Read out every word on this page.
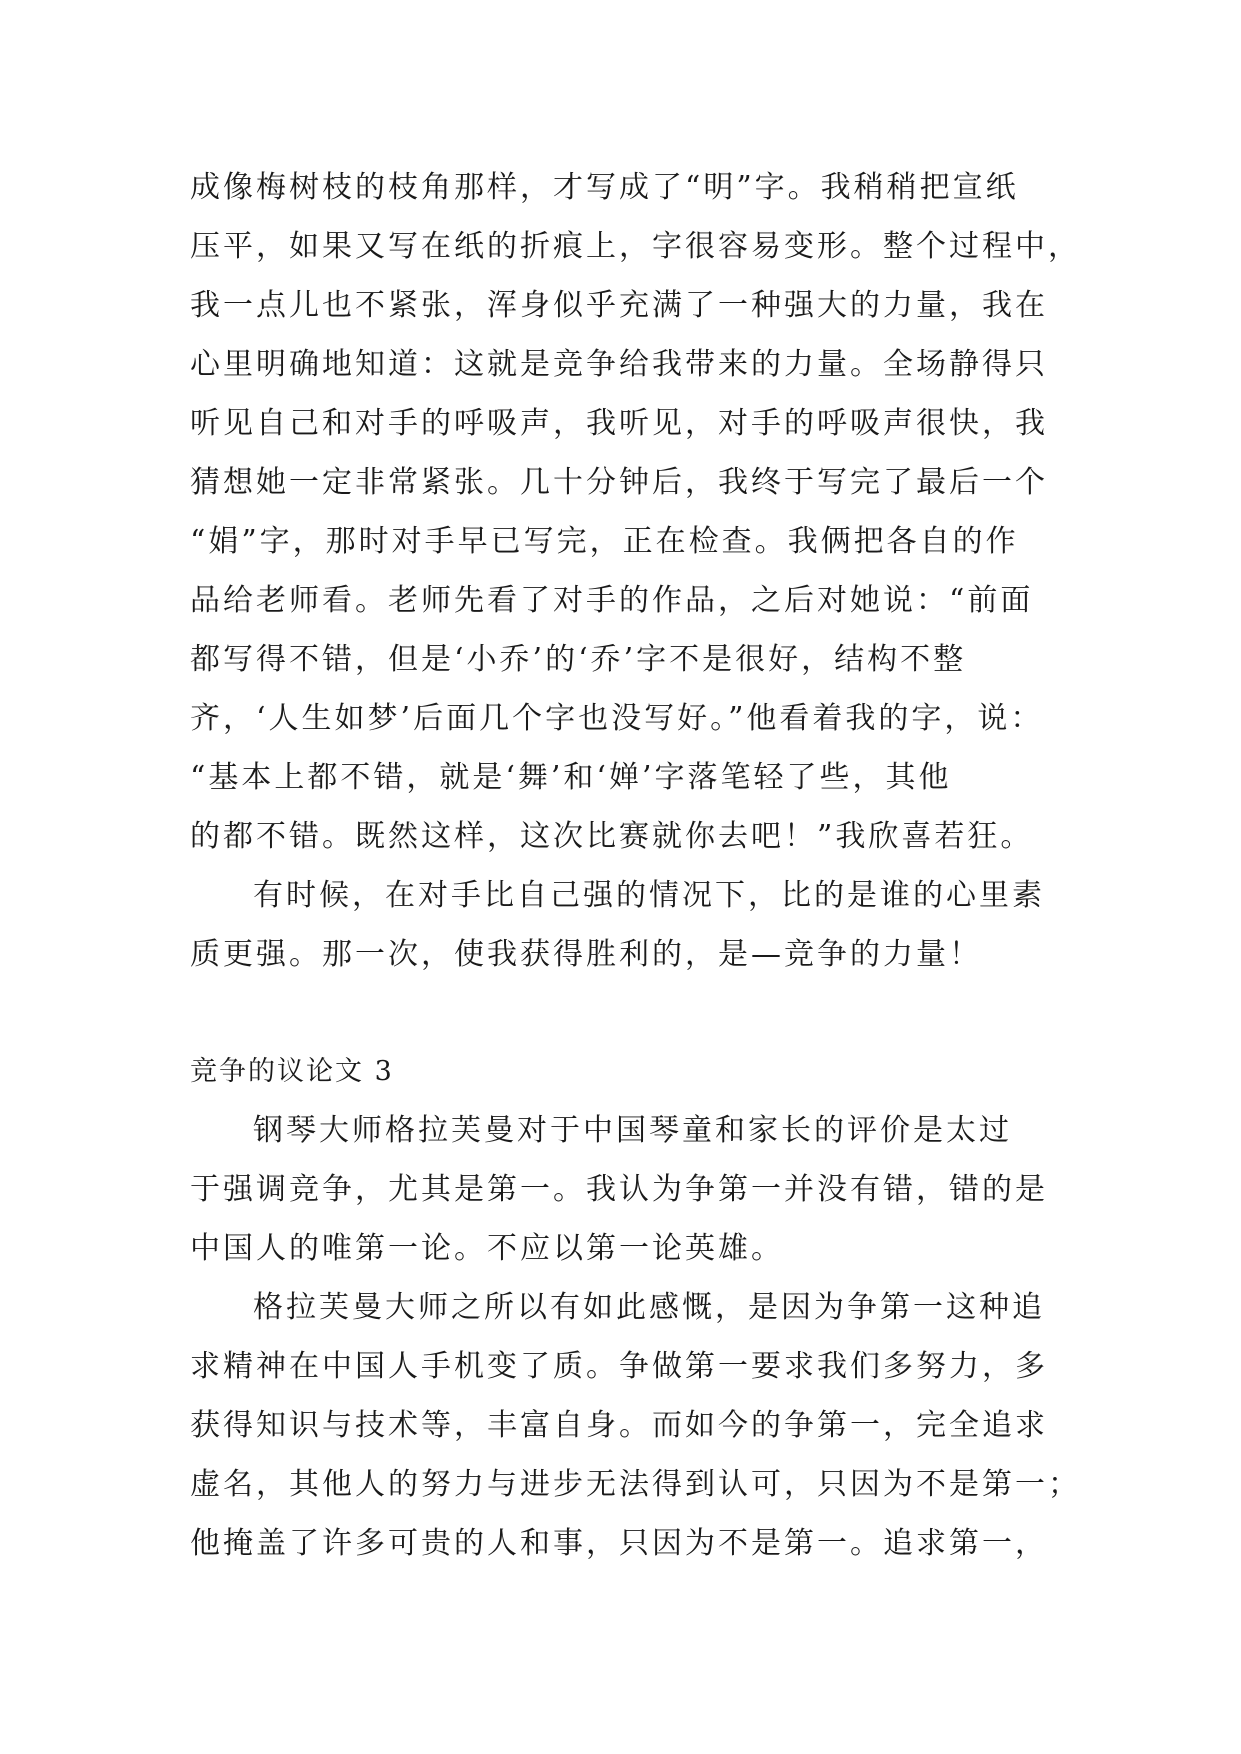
成像梅树枝的枝角那样，才写成了“明”字。我稍稍把宣纸
压平，如果又写在纸的折痕上，字很容易变形。整个过程中，
我一点儿也不紧张，浑身似乎充满了一种强大的力量，我在
心里明确地知道：这就是竞争给我带来的力量。全场静得只
听见自己和对手的呼吸声，我听见，对手的呼吸声很快，我
猜想她一定非常紧张。几十分钟后，我终于写完了最后一个
“娟”字，那时对手早已写完，正在检查。我俩把各自的作
品给老师看。老师先看了对手的作品，之后对她说：“前面
都写得不错，但是‘小乔’的‘乔’字不是很好，结构不整
齐，‘人生如梦’后面几个字也没写好。”他看着我的字，说：
“基本上都不错，就是‘舞’和‘婵’字落笔轻了些，其他
的都不错。既然这样，这次比赛就你去吧！”我欣喜若狂。
有时候，在对手比自己强的情况下，比的是谁的心里素
质更强。那一次，使我获得胜利的，是—竞争的力量！
竞争的议论文 3
钢琴大师格拉芙曼对于中国琴童和家长的评价是太过
于强调竞争，尤其是第一。我认为争第一并没有错，错的是
中国人的唯第一论。不应以第一论英雄。
格拉芙曼大师之所以有如此感慨，是因为争第一这种追
求精神在中国人手机变了质。争做第一要求我们多努力，多
获得知识与技术等，丰富自身。而如今的争第一，完全追求
虚名，其他人的努力与进步无法得到认可，只因为不是第一；
他掩盖了许多可贵的人和事，只因为不是第一。追求第一，
